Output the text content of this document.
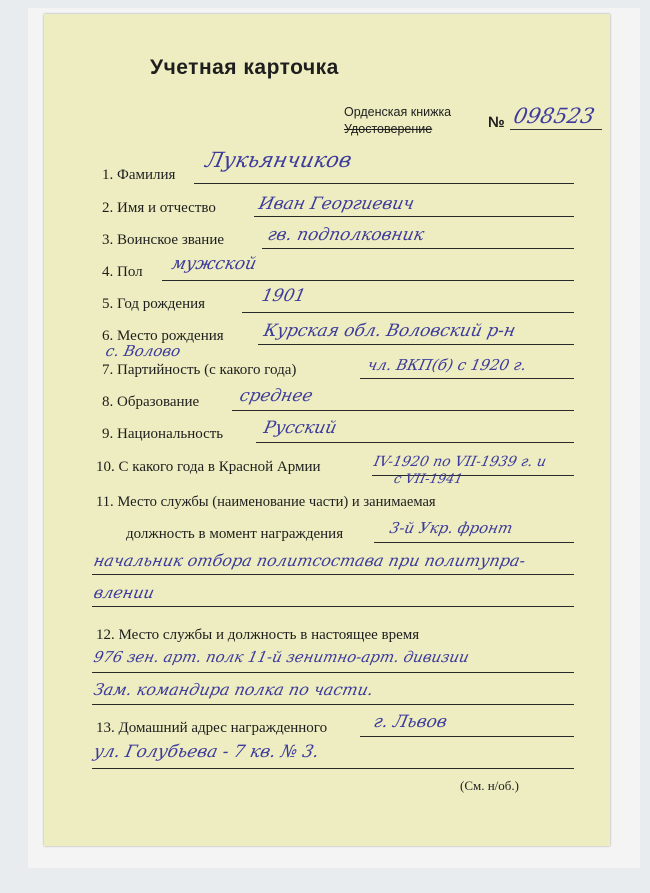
Учетная карточка
Орденская книжка
Удостоверение	№ 098523
1. Фамилия
Лукьянчиков
2. Имя и отчество Иван Георгиевич
3. Воинское звание гв. подполковник
4. Пол мужской
5. Год рождения	1901
6. Место рождения Курская обл. Воловский р-н
с. Волово
7. Партийность (с какого года)	чл. ВКП(б) с 1920 г.
8. Образование среднее
9. Национальность Русский
10. С какого года в Красной Армии	IV-1920 по VII-1939 г. и
с VII-1941
11. Место службы (наименование части) и занимаемая
должность в момент награждения	3-й Укр. фронт
начальник отбора политсостава при политупра-
влении
12. Место службы и должность в настоящее время
976 зен. арт. полк 11-й зенитно-арт. дивизии
Зам. командира полка по части.
13. Домашний адрес награжденного	г. Львов
ул. Голубьева - 7 кв. № 3.
(См. н/об.)
